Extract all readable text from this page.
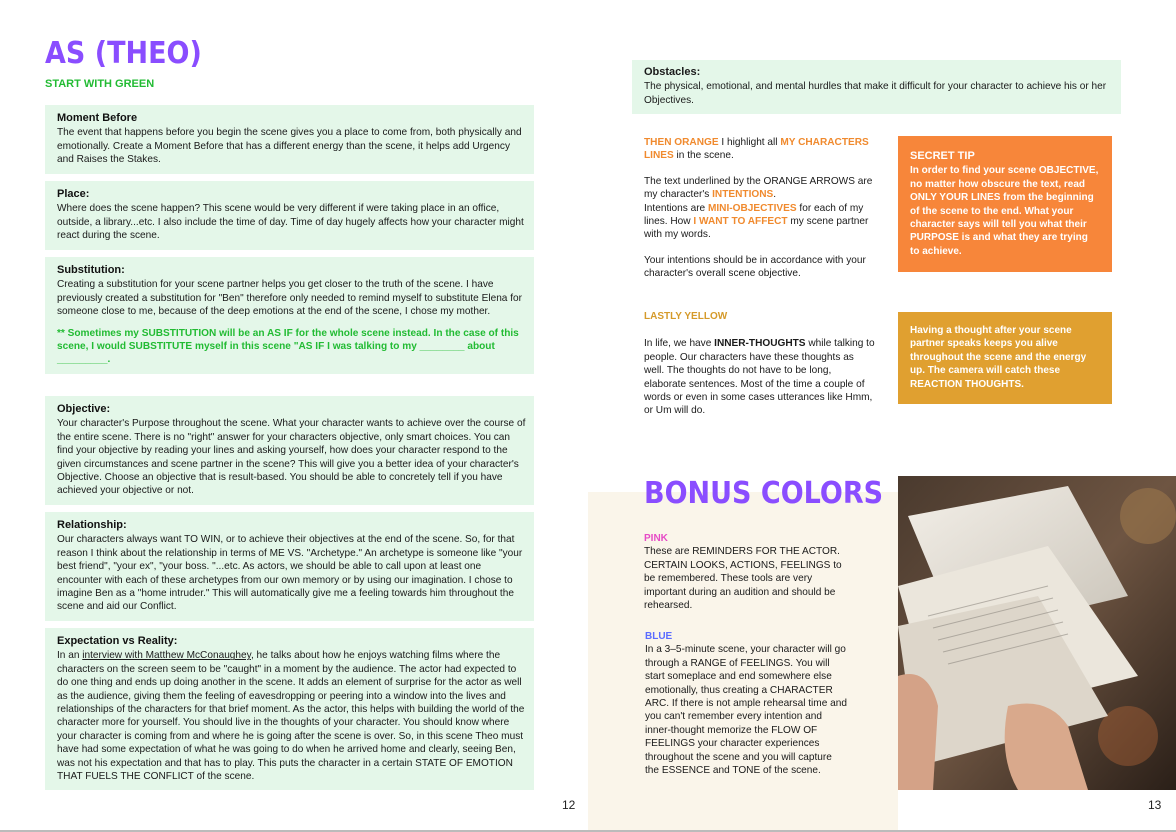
AS (THEO)
START WITH GREEN
Moment Before

The event that happens before you begin the scene gives you a place to come from, both physically and emotionally. Create a Moment Before that has a different energy than the scene, it helps add Urgency and Raises the Stakes.

Place:

Where does the scene happen? This scene would be very different if were taking place in an office, outside, a library...etc. I also include the time of day. Time of day hugely affects how your character might react during the scene.

Substitution:

Creating a substitution for your scene partner helps you get closer to the truth of the scene. I have previously created a substitution for "Ben" therefore only needed to remind myself to substitute Elena for someone close to me, because of the deep emotions at the end of the scene, I chose my mother.

** Sometimes my SUBSTITUTION will be an AS IF for the whole scene instead. In the case of this scene, I would SUBSTITUTE myself in this scene "AS IF I was talking to my ________ about _________.

Objective:

Your character's Purpose throughout the scene. What your character wants to achieve over the course of the entire scene. There is no "right" answer for your characters objective, only smart choices. You can find your objective by reading your lines and asking yourself, how does your character respond to the given circumstances and scene partner in the scene? This will give you a better idea of your character's Objective. Choose an objective that is result-based. You should be able to concretely tell if you have achieved your objective or not.

Relationship:

Our characters always want TO WIN, or to achieve their objectives at the end of the scene. So, for that reason I think about the relationship in terms of ME VS. "Archetype." An archetype is someone like "your best friend", "your ex", "your boss. "...etc. As actors, we should be able to call upon at least one encounter with each of these archetypes from our own memory or by using our imagination. I chose to imagine Ben as a "home intruder." This will automatically give me a feeling towards him throughout the scene and aid our Conflict.

Expectation vs Reality:

In an interview with Matthew McConaughey, he talks about how he enjoys watching films where the characters on the screen seem to be "caught" in a moment by the audience. The actor had expected to do one thing and ends up doing another in the scene. It adds an element of surprise for the actor as well as the audience, giving them the feeling of eavesdropping or peering into a window into the lives and relationships of the characters for that brief moment. As the actor, this helps with building the world of the character more for yourself. You should live in the thoughts of your character. You should know where your character is coming from and where he is going after the scene is over. So, in this scene Theo must have had some expectation of what he was going to do when he arrived home and clearly, seeing Ben, was not his expectation and that has to play. This puts the character in a certain STATE OF EMOTION THAT FUELS THE CONFLICT of the scene.

12
Obstacles:
The physical, emotional, and mental hurdles that make it difficult for your character to achieve his or her Objectives.

THEN ORANGE I highlight all MY CHARACTERS LINES in the scene.

The text underlined by the ORANGE ARROWS are my character's INTENTIONS.

Intentions are MINI-OBJECTIVES for each of my lines. How I WANT TO AFFECT my scene partner with my words.

Your intentions should be in accordance with your character's overall scene objective.

LASTLY YELLOW

In life, we have INNER-THOUGHTS while talking to people. Our characters have these thoughts as well. The thoughts do not have to be long, elaborate sentences. Most of the time a couple of words or even in some cases utterances like Hmm, or Um will do.

SECRET TIP
In order to find your scene OBJECTIVE, no matter how obscure the text, read ONLY YOUR LINES from the beginning of the scene to the end. What your character says will tell you what their PURPOSE is and what they are trying to achieve.
Having a thought after your scene partner speaks keeps you alive throughout the scene and the energy up. The camera will catch these REACTION THOUGHTS.
BONUS COLORS

PINK

These are REMINDERS FOR THE ACTOR. CERTAIN LOOKS, ACTIONS, FEELINGS to be remembered. These tools are very important during an audition and should be rehearsed.

BLUE

In a 3–5-minute scene, your character will go through a RANGE of FEELINGS. You will start someplace and end somewhere else emotionally, thus creating a CHARACTER ARC. If there is not ample rehearsal time and you can't remember every intention and inner-thought memorize the FLOW OF FEELINGS your character experiences throughout the scene and you will capture the ESSENCE and TONE of the scene.

13
